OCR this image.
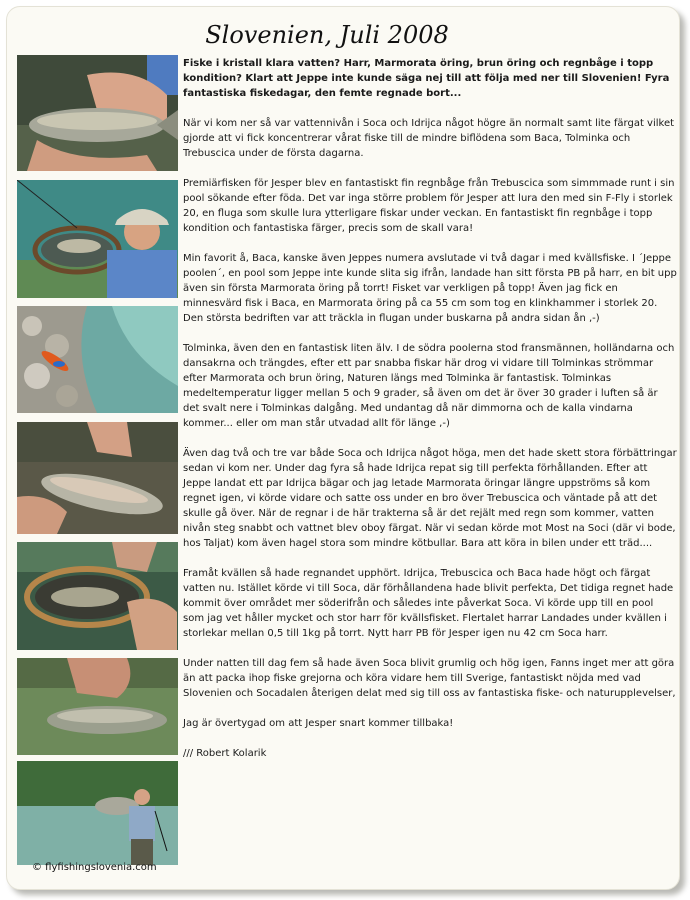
Slovenien, Juli 2008

Fiske i kristall klara vatten? Harr, Marmorata öring, brun öring och regnbåge i topp kondition? Klart att Jeppe inte kunde säga nej till att följa med ner till Slovenien! Fyra fantastiska fiskedagar, den femte regnade bort...

När vi kom ner så var vattennivån i Soca och Idrijca något högre än normalt samt lite färgat vilket gjorde att vi fick koncentrerar vårat fiske till de mindre biflödena som Baca, Tolminka och Trebuscica under de första dagarna.

Premiärfisken för Jesper blev en fantastiskt fin regnbåge från Trebuscica som simmmade runt i sin pool sökande efter föda. Det var inga större problem för Jesper att lura den med sin F-Fly i storlek 20, en fluga som skulle lura ytterligare fiskar under veckan. En fantastiskt fin regnbåge i topp kondition och fantastiska färger, precis som de skall vara!

Min favorit å, Baca, kanske även Jeppes numera avslutade vi två dagar i med kvällsfiske. I ´Jeppe poolen´, en pool som Jeppe inte kunde slita sig ifrån, landade han sitt första PB på harr, en bit upp även sin första Marmorata öring på torrt! Fisket var verkligen på topp! Även jag fick en minnesvärd fisk i Baca, en Marmorata öring på ca 55 cm som tog en klinkhammer i storlek 20. Den största bedriften var att träckla in flugan under buskarna på andra sidan ån ,-)

Tolminka, även den en fantastisk liten älv. I de södra poolerna stod fransmännen, holländarna och dansakrna och trängdes, efter ett par snabba fiskar här drog vi vidare till Tolminkas strömmar efter Marmorata och brun öring, Naturen längs med Tolminka är fantastisk. Tolminkas medeltemperatur ligger mellan 5 och 9 grader, så även om det är över 30 grader i luften så är det svalt nere i Tolminkas dalgång. Med undantag då när dimmorna och de kalla vindarna kommer... eller om man står utvadad allt för länge ,-)

Även dag två och tre var både Soca och Idrijca något höga, men det hade skett stora förbättringar sedan vi kom ner. Under dag fyra så hade Idrijca repat sig till perfekta förhållanden. Efter att Jeppe landat ett par Idrijca bägar och jag letade Marmorata öringar längre uppströms så kom regnet igen, vi körde vidare och satte oss under en bro över Trebuscica och väntade på att det skulle gå över. När de regnar i de här trakterna så är det rejält med regn som kommer, vatten nivån steg snabbt och vattnet blev oboy färgat. När vi sedan körde mot Most na Soci (där vi bode, hos Taljat) kom även hagel stora som mindre kötbullar. Bara att köra in bilen under ett träd....

Framåt kvällen så hade regnandet upphört. Idrijca, Trebuscica och Baca hade högt och färgat vatten nu. Istället körde vi till Soca, där förhållandena hade blivit perfekta, Det tidiga regnet hade kommit över området mer söderifrån och således inte påverkat Soca. Vi körde upp till en pool som jag vet håller mycket och stor harr för kvällsfisket. Flertalet harrar Landades under kvällen i storlekar mellan 0,5 till 1kg på torrt. Nytt harr PB för Jesper igen nu 42 cm Soca harr.

Under natten till dag fem så hade även Soca blivit grumlig och hög igen, Fanns inget mer att göra än att packa ihop fiske grejorna och köra vidare hem till Sverige, fantastiskt nöjda med vad Slovenien och Socadalen återigen delat med sig till oss av fantastiska fiske- och naturupplevelser,

Jag är övertygad om att Jesper snart kommer tillbaka!

/// Robert Kolarik

© flyfishingslovenia.com
